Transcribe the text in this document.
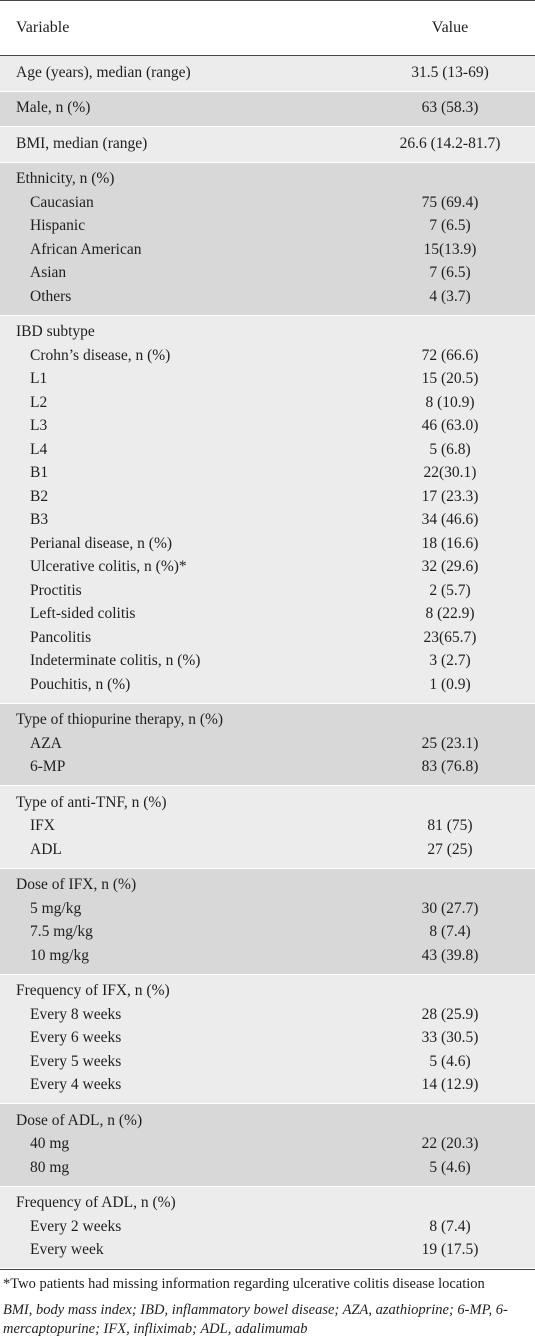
Variable	Value
Age (years), median (range)	31.5 (13-69)
Male, n (%)	63 (58.3)
BMI, median (range)	26.6 (14.2-81.7)
Ethnicity, n (%)
Caucasian	75 (69.4)
Hispanic	7 (6.5)
African American	15(13.9)
Asian	7 (6.5)
Others	4 (3.7)
IBD subtype
Crohn’s disease, n (%)	72 (66.6)
L1	15 (20.5)
L2	8 (10.9)
L3	46 (63.0)
L4	5 (6.8)
B1	22(30.1)
B2	17 (23.3)
B3	34 (46.6)
Perianal disease, n (%)	18 (16.6)
Ulcerative colitis, n (%)*	32 (29.6)
Proctitis	2 (5.7)
Left-sided colitis	8 (22.9)
Pancolitis	23(65.7)
Indeterminate colitis, n (%)	3 (2.7)
Pouchitis, n (%)	1 (0.9)
Type of thiopurine therapy, n (%)
AZA	25 (23.1)
6-MP	83 (76.8)
Type of anti-TNF, n (%)
IFX	81 (75)
ADL	27 (25)
Dose of IFX, n (%)
5 mg/kg	30 (27.7)
7.5 mg/kg	8 (7.4)
10 mg/kg	43 (39.8)
Frequency of IFX, n (%)
Every 8 weeks	28 (25.9)
Every 6 weeks	33 (30.5)
Every 5 weeks	5 (4.6)
Every 4 weeks	14 (12.9)
Dose of ADL, n (%)
40 mg	22 (20.3)
80 mg	5 (4.6)
Frequency of ADL, n (%)
Every 2 weeks	8 (7.4)
Every week	19 (17.5)
*Two patients had missing information regarding ulcerative colitis disease location
BMI, body mass index; IBD, inflammatory bowel disease; AZA, azathioprine; 6-MP, 6-mercaptopurine; IFX, infliximab; ADL, adalimumab
